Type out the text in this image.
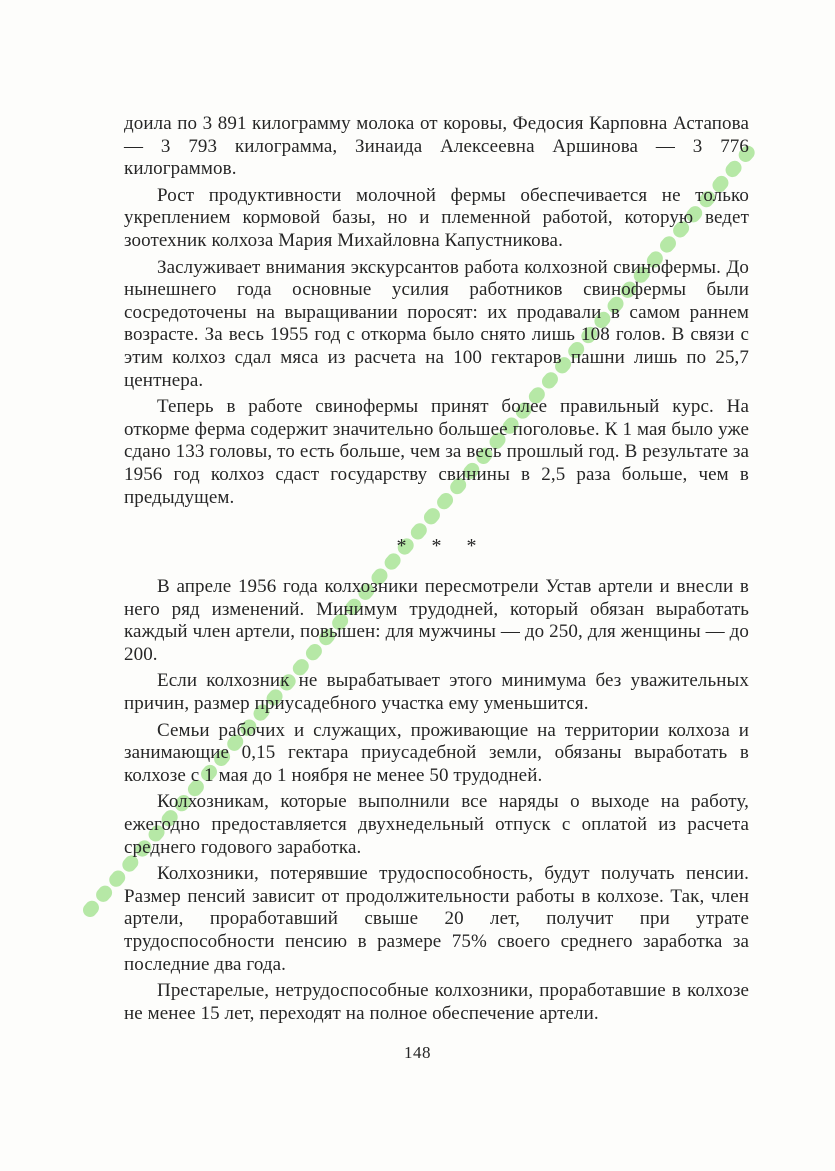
доила по 3 891 килограмму молока от коровы, Федосия Карповна Астапова — 3 793 килограмма, Зинаида Алексеевна Аршинова — 3 776 килограммов.

Рост продуктивности молочной фермы обеспечивается не только укреплением кормовой базы, но и племенной работой, которую ведет зоотехник колхоза Мария Михайловна Капустникова.

Заслуживает внимания экскурсантов работа колхозной свинофермы. До нынешнего года основные усилия работников свинофермы были сосредоточены на выращивании поросят: их продавали в самом раннем возрасте. За весь 1955 год с откорма было снято лишь 108 голов. В связи с этим колхоз сдал мяса из расчета на 100 гектаров пашни лишь по 25,7 центнера.

Теперь в работе свинофермы принят более правильный курс. На откорме ферма содержит значительно большее поголовье. К 1 мая было уже сдано 133 головы, то есть больше, чем за весь прошлый год. В результате за 1956 год колхоз сдаст государству свинины в 2,5 раза больше, чем в предыдущем.

* * *

В апреле 1956 года колхозники пересмотрели Устав артели и внесли в него ряд изменений. Минимум трудодней, который обязан выработать каждый член артели, повышен: для мужчины — до 250, для женщины — до 200.

Если колхозник не вырабатывает этого минимума без уважительных причин, размер приусадебного участка ему уменьшится.

Семьи рабочих и служащих, проживающие на территории колхоза и занимающие 0,15 гектара приусадебной земли, обязаны выработать в колхозе с 1 мая до 1 ноября не менее 50 трудодней.

Колхозникам, которые выполнили все наряды о выходе на работу, ежегодно предоставляется двухнедельный отпуск с оплатой из расчета среднего годового заработка.

Колхозники, потерявшие трудоспособность, будут получать пенсии. Размер пенсий зависит от продолжительности работы в колхозе. Так, член артели, проработавший свыше 20 лет, получит при утрате трудоспособности пенсию в размере 75% своего среднего заработка за последние два года.

Престарелые, нетрудоспособные колхозники, проработавшие в колхозе не менее 15 лет, переходят на полное обеспечение артели.

148
